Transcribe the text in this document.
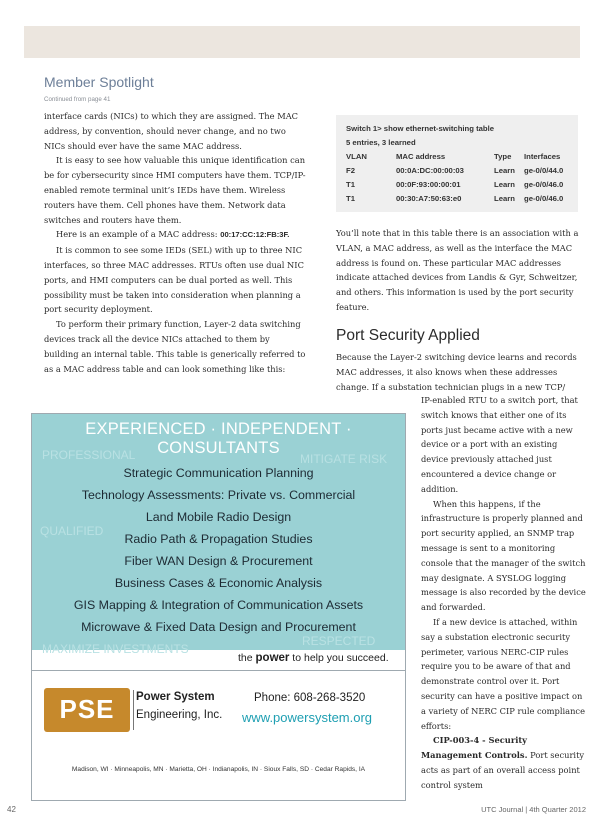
Member Spotlight
Continued from page 41

interface cards (NICs) to which they are assigned. The MAC address, by convention, should never change, and no two NICs should ever have the same MAC address.

It is easy to see how valuable this unique identification can be for cybersecurity since HMI computers have them. TCP/IP-enabled remote terminal unit’s IEDs have them. Wireless routers have them. Cell phones have them. Network data switches and routers have them.

Here is an example of a MAC address: 00:17:CC:12:FB:3F.

It is common to see some IEDs (SEL) with up to three NIC interfaces, so three MAC addresses. RTUs often use dual NIC ports, and HMI computers can be dual ported as well. This possibility must be taken into consideration when planning a port security deployment.

To perform their primary function, Layer-2 data switching devices track all the device NICs attached to them by building an internal table. This table is generically referred to as a MAC address table and can look something like this:

Switch 1> show ethernet-switching table
5 entries, 3 learned
VLAN	MAC address	Type Interfaces
F2	00:0A:DC:00:00:03	Learn ge-0/0/44.0
T1	00:0F:93:00:00:01	Learn ge-0/0/46.0
T1	00:30:A7:50:63:e0	Learn ge-0/0/46.0

You’ll note that in this table there is an association with a VLAN, a MAC address, as well as the interface the MAC address is found on. These particular MAC addresses indicate attached devices from Landis & Gyr, Schweitzer, and others. This information is used by the port security feature.

Port Security Applied

Because the Layer-2 switching device learns and records MAC addresses, it also knows when these addresses change. If a substation technician plugs in a new TCP/

IP-enabled RTU to a switch port, that switch knows that either one of its ports just became active with a new device or a port with an existing device previously attached just encountered a device change or addition.

When this happens, if the infrastructure is properly planned and port security applied, an SNMP trap message is sent to a monitoring console that the manager of the switch may designate. A SYSLOG logging message is also recorded by the device and forwarded.

If a new device is attached, within say a substation electronic security perimeter, various NERC-CIP rules require you to be aware of that and demonstrate control over it. Port security can have a positive impact on a variety of NERC CIP rule compliance efforts:

CIP-003-4 - Security Management Controls. Port security acts as part of an overall access point control system

EXPERIENCED · INDEPENDENT · CONSULTANTS
PROFESSIONAL	MITIGATE RISK
QUALIFIED
MAXIMIZE INVESTMENTS
RESPECTED
Strategic Communication Planning
Technology Assessments: Private vs. Commercial
Land Mobile Radio Design
Radio Path & Propagation Studies
Fiber WAN Design & Procurement
Business Cases & Economic Analysis
GIS Mapping & Integration of Communication Assets
Microwave & Fixed Data Design and Procurement
the power to help you succeed.
PSE	Power System
Engineering, Inc.
Phone: 608-268-3520
www.powersystem.org
Madison, WI · Minneapolis, MN · Marietta, OH · Indianapolis, IN · Sioux Falls, SD · Cedar Rapids, IA
42	UTC Journal | 4th Quarter 2012
